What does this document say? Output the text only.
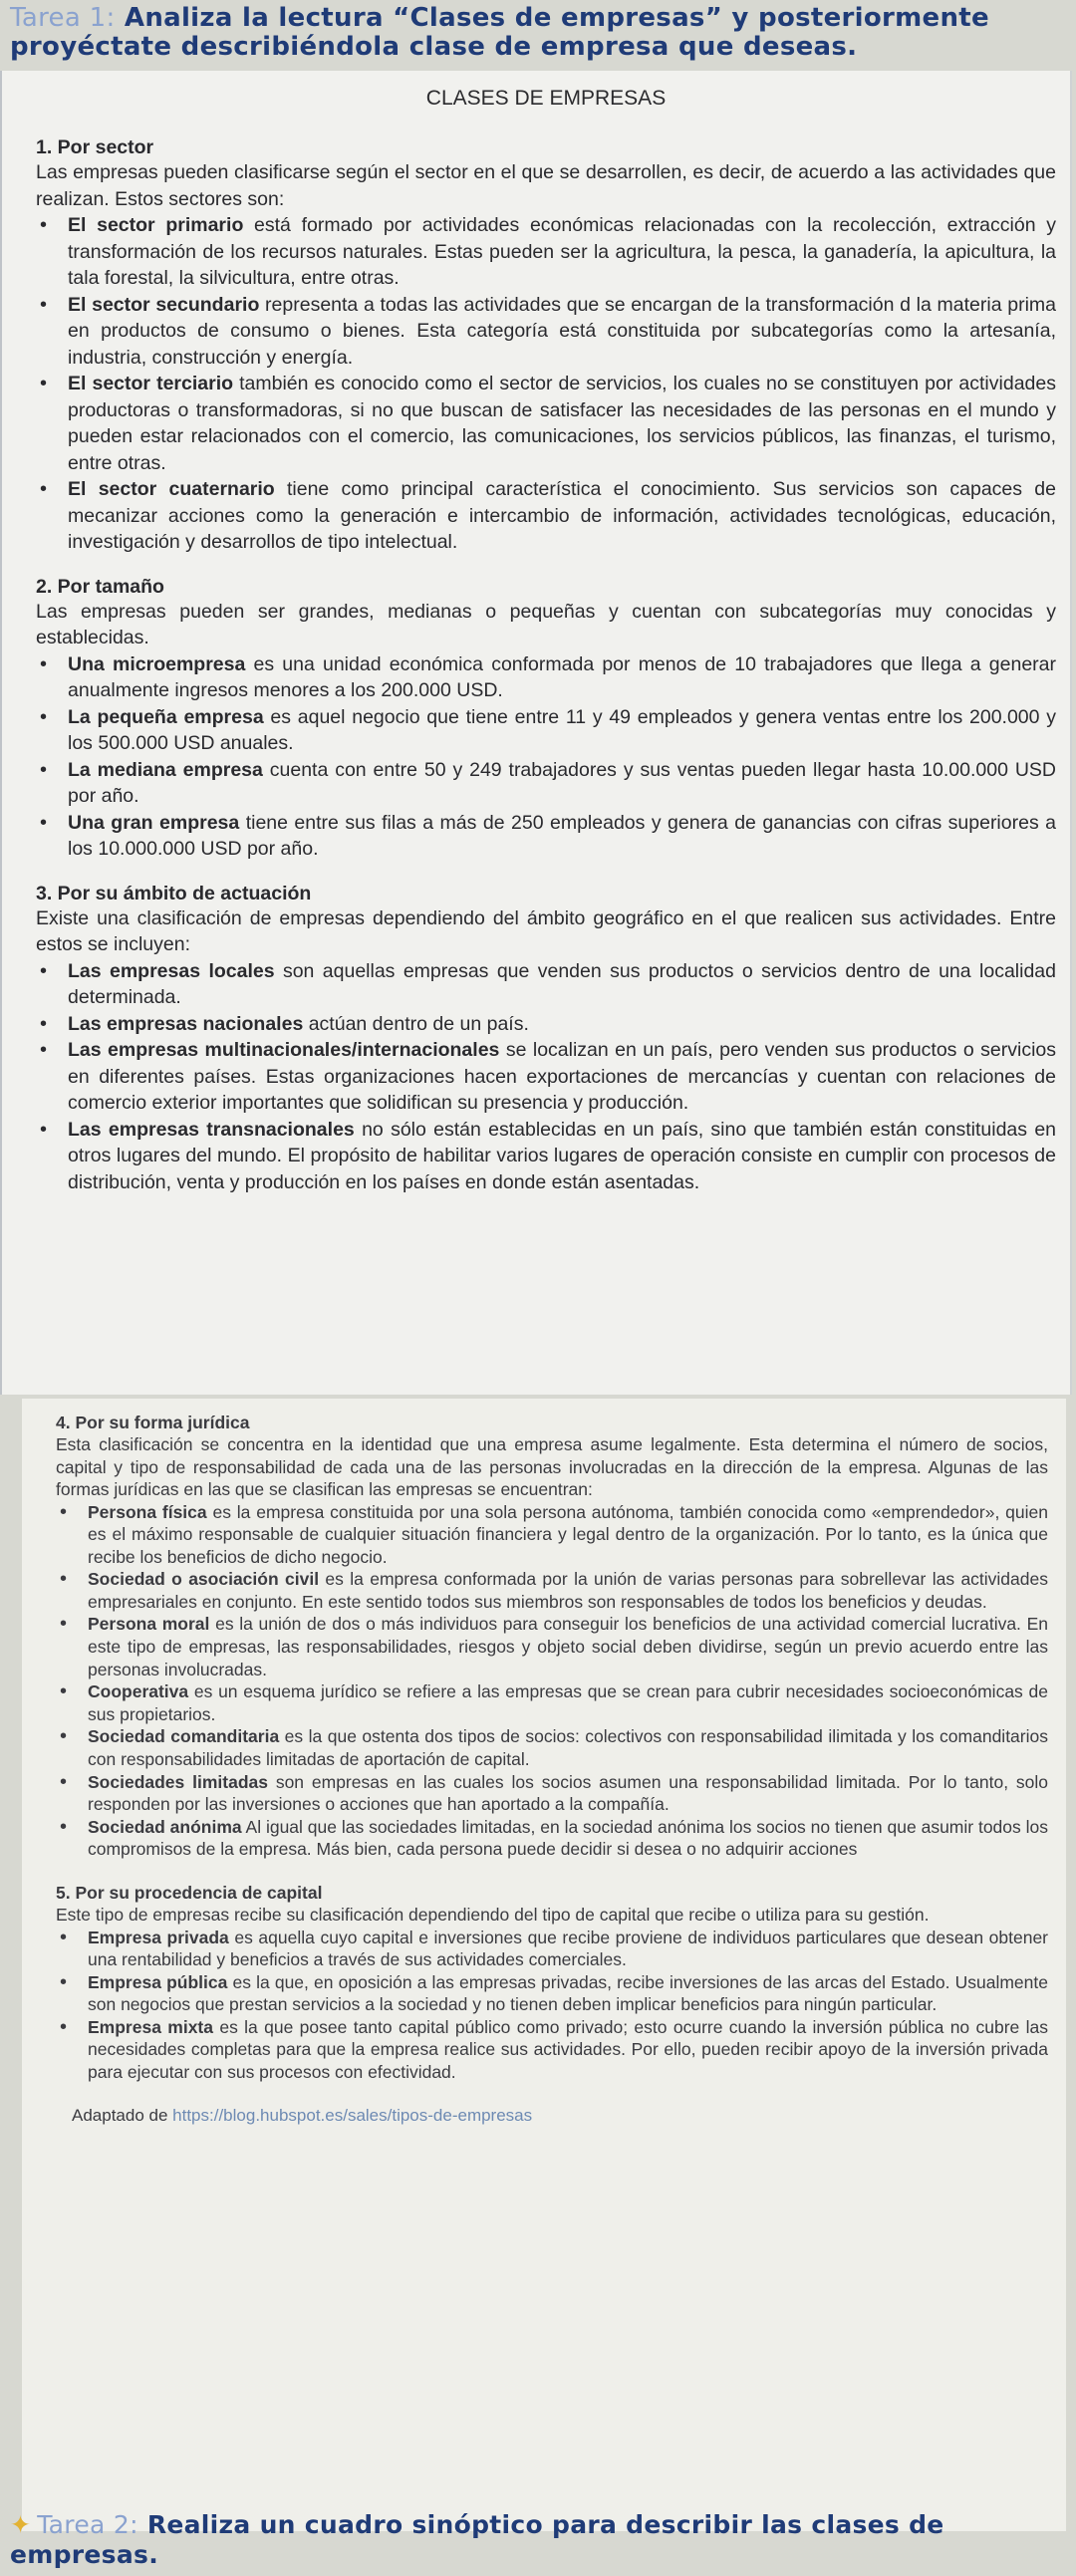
Tarea 1: Analiza la lectura “Clases de empresas” y posteriormente proyéctate describiéndola clase de empresa que deseas.
CLASES DE EMPRESAS
1. Por sector

Las empresas pueden clasificarse según el sector en el que se desarrollen, es decir, de acuerdo a las actividades que realizan. Estos sectores son:

• El sector primario está formado por actividades económicas relacionadas con la recolección, extracción y transformación de los recursos naturales. Estas pueden ser la agricultura, la pesca, la ganadería, la apicultura, la tala forestal, la silvicultura, entre otras.
• El sector secundario representa a todas las actividades que se encargan de la transformación d la materia prima en productos de consumo o bienes. Esta categoría está constituida por subcategorías como la artesanía, industria, construcción y energía.
• El sector terciario también es conocido como el sector de servicios, los cuales no se constituyen por actividades productoras o transformadoras, si no que buscan de satisfacer las necesidades de las personas en el mundo y pueden estar relacionados con el comercio, las comunicaciones, los servicios públicos, las finanzas, el turismo, entre otras.
• El sector cuaternario tiene como principal característica el conocimiento. Sus servicios son capaces de mecanizar acciones como la generación e intercambio de información, actividades tecnológicas, educación, investigación y desarrollos de tipo intelectual.
2. Por tamaño

Las empresas pueden ser grandes, medianas o pequeñas y cuentan con subcategorías muy conocidas y establecidas.

• Una microempresa es una unidad económica conformada por menos de 10 trabajadores que llega a generar anualmente ingresos menores a los 200.000 USD.
• La pequeña empresa es aquel negocio que tiene entre 11 y 49 empleados y genera ventas entre los 200.000 y los 500.000 USD anuales.
• La mediana empresa cuenta con entre 50 y 249 trabajadores y sus ventas pueden llegar hasta 10.00.000 USD por año.
• Una gran empresa tiene entre sus filas a más de 250 empleados y genera de ganancias con cifras superiores a los 10.000.000 USD por año.
3. Por su ámbito de actuación

Existe una clasificación de empresas dependiendo del ámbito geográfico en el que realicen sus actividades. Entre estos se incluyen:

• Las empresas locales son aquellas empresas que venden sus productos o servicios dentro de una localidad determinada.
• Las empresas nacionales actúan dentro de un país.
• Las empresas multinacionales/internacionales se localizan en un país, pero venden sus productos o servicios en diferentes países. Estas organizaciones hacen exportaciones de mercancías y cuentan con relaciones de comercio exterior importantes que solidifican su presencia y producción.
• Las empresas transnacionales no sólo están establecidas en un país, sino que también están constituidas en otros lugares del mundo. El propósito de habilitar varios lugares de operación consiste en cumplir con procesos de distribución, venta y producción en los países en donde están asentadas.
4. Por su forma jurídica

Esta clasificación se concentra en la identidad que una empresa asume legalmente. Esta determina el número de socios, capital y tipo de responsabilidad de cada una de las personas involucradas en la dirección de la empresa. Algunas de las formas jurídicas en las que se clasifican las empresas se encuentran:

• Persona física es la empresa constituida por una sola persona autónoma, también conocida como «emprendedor», quien es el máximo responsable de cualquier situación financiera y legal dentro de la organización. Por lo tanto, es la única que recibe los beneficios de dicho negocio.
• Sociedad o asociación civil es la empresa conformada por la unión de varias personas para sobrellevar las actividades empresariales en conjunto. En este sentido todos sus miembros son responsables de todos los beneficios y deudas.
• Persona moral es la unión de dos o más individuos para conseguir los beneficios de una actividad comercial lucrativa. En este tipo de empresas, las responsabilidades, riesgos y objeto social deben dividirse, según un previo acuerdo entre las personas involucradas.
• Cooperativa es un esquema jurídico se refiere a las empresas que se crean para cubrir necesidades socioeconómicas de sus propietarios.
• Sociedad comanditaria es la que ostenta dos tipos de socios: colectivos con responsabilidad ilimitada y los comanditarios con responsabilidades limitadas de aportación de capital.
• Sociedades limitadas son empresas en las cuales los socios asumen una responsabilidad limitada. Por lo tanto, solo responden por las inversiones o acciones que han aportado a la compañía.
• Sociedad anónima Al igual que las sociedades limitadas, en la sociedad anónima los socios no tienen que asumir todos los compromisos de la empresa. Más bien, cada persona puede decidir si desea o no adquirir acciones
5. Por su procedencia de capital

Este tipo de empresas recibe su clasificación dependiendo del tipo de capital que recibe o utiliza para su gestión.

• Empresa privada es aquella cuyo capital e inversiones que recibe proviene de individuos particulares que desean obtener una rentabilidad y beneficios a través de sus actividades comerciales.
• Empresa pública es la que, en oposición a las empresas privadas, recibe inversiones de las arcas del Estado. Usualmente son negocios que prestan servicios a la sociedad y no tienen deben implicar beneficios para ningún particular.
• Empresa mixta es la que posee tanto capital público como privado; esto ocurre cuando la inversión pública no cubre las necesidades completas para que la empresa realice sus actividades. Por ello, pueden recibir apoyo de la inversión privada para ejecutar con sus procesos con efectividad.
Adaptado de https://blog.hubspot.es/sales/tipos-de-empresas
✦ Tarea 2: Realiza un cuadro sinóptico para describir las clases de empresas.
